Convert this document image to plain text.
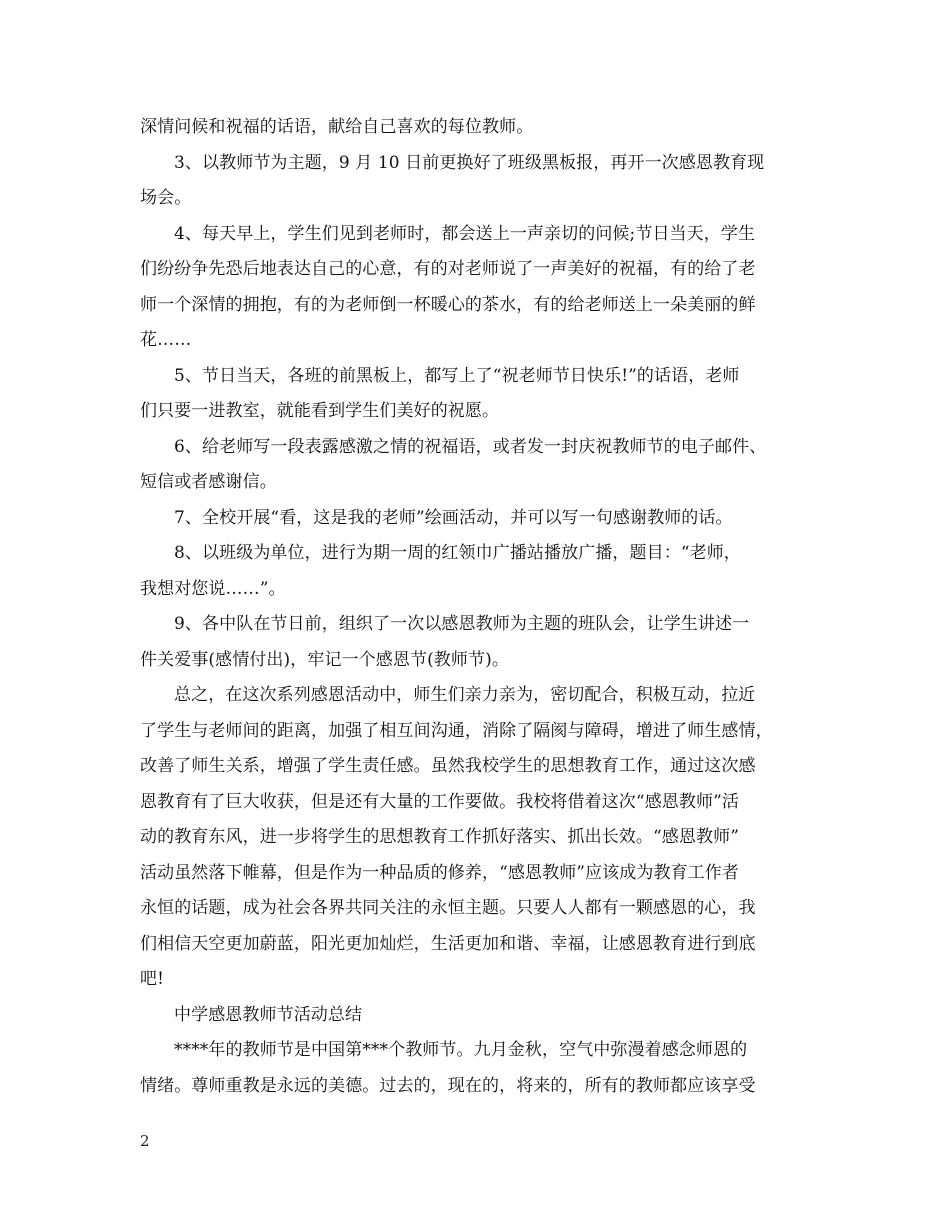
深情问候和祝福的话语，献给自己喜欢的每位教师。
3、以教师节为主题，9 月 10 日前更换好了班级黑板报，再开一次感恩教育现
场会。
4、每天早上，学生们见到老师时，都会送上一声亲切的问候;节日当天，学生
们纷纷争先恐后地表达自己的心意，有的对老师说了一声美好的祝福，有的给了老
师一个深情的拥抱，有的为老师倒一杯暖心的茶水，有的给老师送上一朵美丽的鲜
花……
5、节日当天，各班的前黑板上，都写上了“祝老师节日快乐!”的话语，老师
们只要一进教室，就能看到学生们美好的祝愿。
6、给老师写一段表露感激之情的祝福语，或者发一封庆祝教师节的电子邮件、
短信或者感谢信。
7、全校开展“看，这是我的老师”绘画活动，并可以写一句感谢教师的话。
8、以班级为单位，进行为期一周的红领巾广播站播放广播，题目：“老师，
我想对您说……”。
9、各中队在节日前，组织了一次以感恩教师为主题的班队会，让学生讲述一
件关爱事(感情付出)，牢记一个感恩节(教师节)。
总之，在这次系列感恩活动中，师生们亲力亲为，密切配合，积极互动，拉近
了学生与老师间的距离，加强了相互间沟通，消除了隔阂与障碍，增进了师生感情，
改善了师生关系，增强了学生责任感。虽然我校学生的思想教育工作，通过这次感
恩教育有了巨大收获，但是还有大量的工作要做。我校将借着这次“感恩教师”活
动的教育东风，进一步将学生的思想教育工作抓好落实、抓出长效。“感恩教师”
活动虽然落下帷幕，但是作为一种品质的修养，“感恩教师”应该成为教育工作者
永恒的话题，成为社会各界共同关注的永恒主题。只要人人都有一颗感恩的心，我
们相信天空更加蔚蓝，阳光更加灿烂，生活更加和谐、幸福，让感恩教育进行到底
吧!
中学感恩教师节活动总结
****年的教师节是中国第***个教师节。九月金秋，空气中弥漫着感念师恩的
情绪。尊师重教是永远的美德。过去的，现在的，将来的，所有的教师都应该享受
2
